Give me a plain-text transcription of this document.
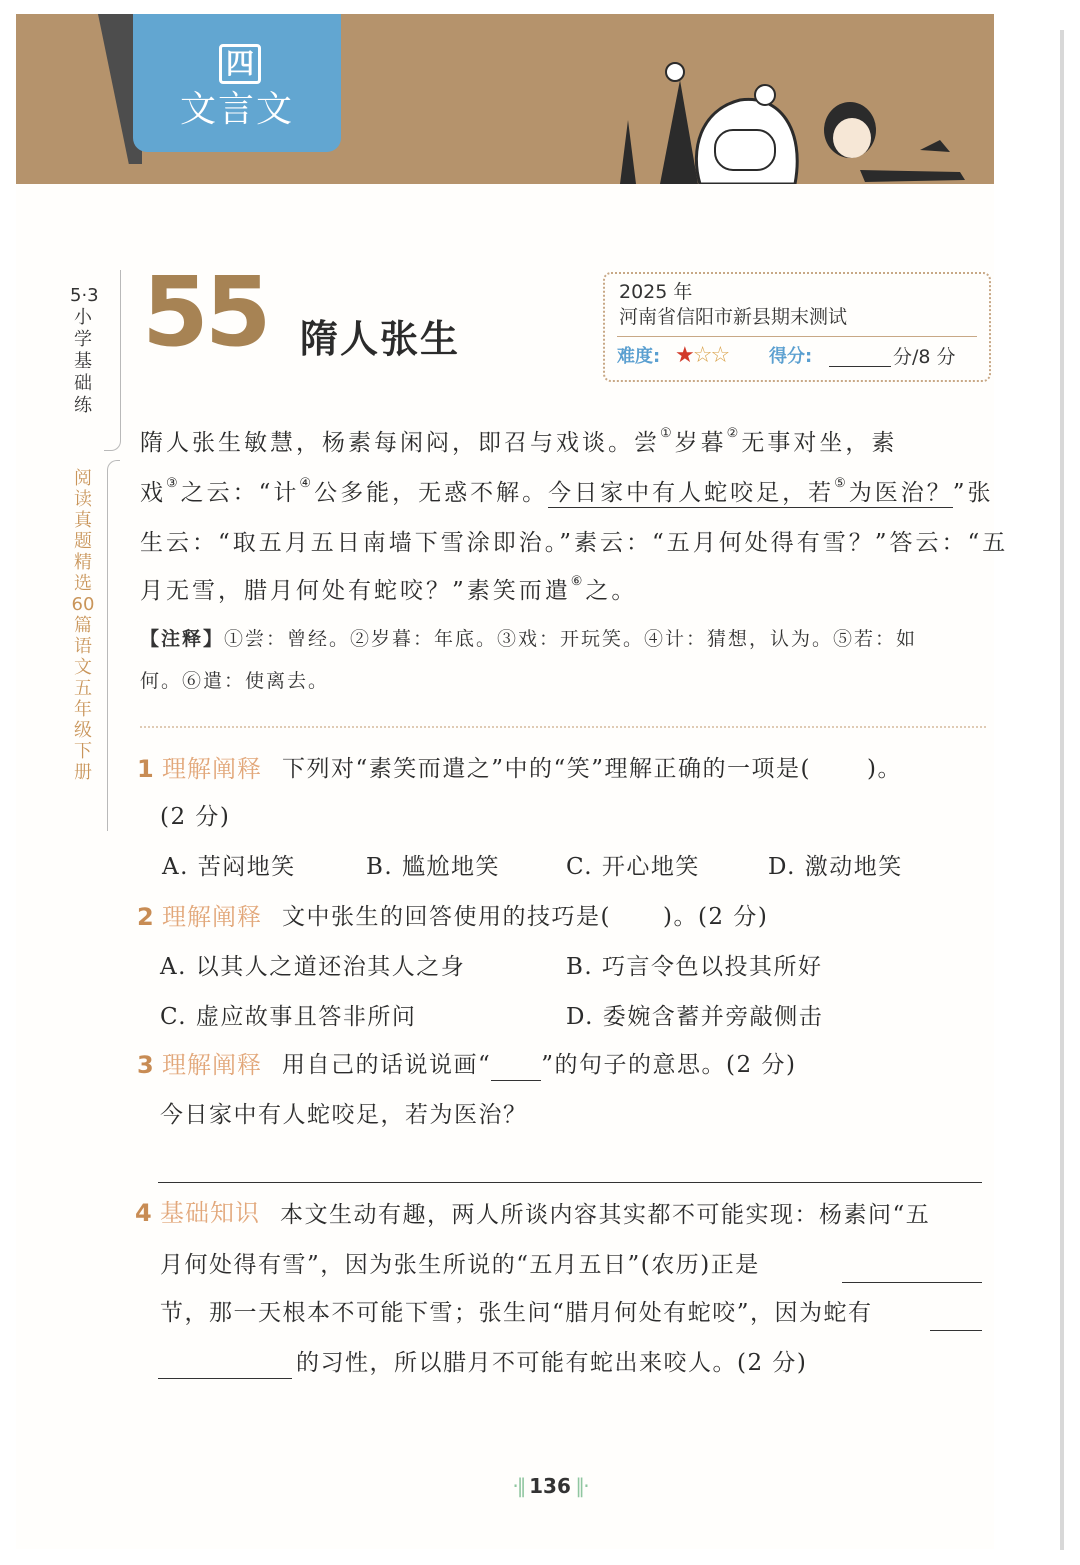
四
文言文
5·3小学基础练
阅读真题精选60篇 语文 五年级下册
55 隋人张生
2025 年
河南省信阳市新县期末测试
难度: ★☆☆ 得分:	分/8 分
隋人张生敏慧，杨素每闲闷，即召与戏谈。尝①岁暮②无事对坐，素
戏③之云：“计④公多能，无惑不解。今日家中有人蛇咬足，若⑤为医治？”张
生云：“取五月五日南墙下雪涂即治。”素云：“五月何处得有雪？”答云：“五
月无雪，腊月何处有蛇咬？”素笑而遣⑥之。
【注释】①尝：曾经。②岁暮：年底。③戏：开玩笑。④计：猜想，认为。⑤若：如
何。⑥遣：使离去。
1 理解阐释 下列对“素笑而遣之”中的“笑”理解正确的一项是( )。
(2 分)
A. 苦闷地笑	B. 尴尬地笑	C. 开心地笑	D. 激动地笑
2 理解阐释 文中张生的回答使用的技巧是( )。(2 分)
A. 以其人之道还治其人之身	B. 巧言令色以投其所好
C. 虚应故事且答非所问	D. 委婉含蓄并旁敲侧击
3 理解阐释 用自己的话说说画“ ”的句子的意思。(2 分)
今日家中有人蛇咬足，若为医治？
4 基础知识 本文生动有趣，两人所谈内容其实都不可能实现：杨素问“五
月何处得有雪”，因为张生所说的“五月五日”(农历)正是
节，那一天根本不可能下雪；张生问“腊月何处有蛇咬”，因为蛇有
的习性，所以腊月不可能有蛇出来咬人。(2 分)
·∥ 136 ∥·
